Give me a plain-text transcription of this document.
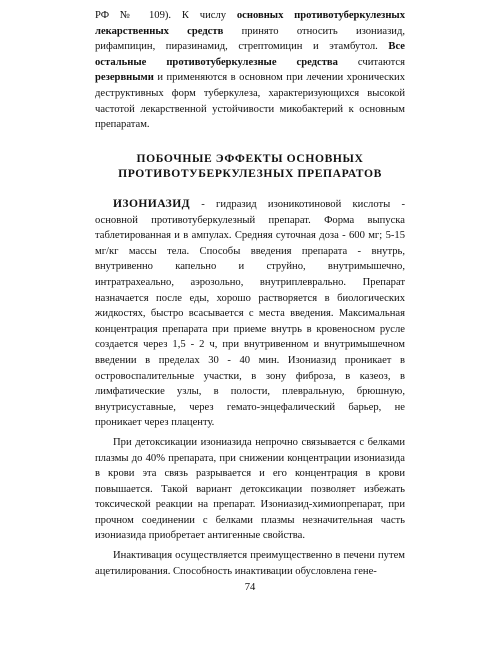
РФ № 109). К числу основных противотуберкулезных лекарственных средств принято относить изониазид, рифампицин, пиразинамид, стрептомицин и этамбутол. Все остальные противотуберкулезные средства считаются резервными и применяются в основном при лечении хронических деструктивных форм туберкулеза, характеризующихся высокой частотой лекарственной устойчивости микобактерий к основным препаратам.
ПОБОЧНЫЕ ЭФФЕКТЫ ОСНОВНЫХ
ПРОТИВОТУБЕРКУЛЕЗНЫХ ПРЕПАРАТОВ

ИЗОНИАЗИД - гидразид изоникотиновой кислоты - основной противотуберкулезный препарат. Форма выпуска таблетированная и в ампулах. Средняя суточная доза - 600 мг; 5-15 мг/кг массы тела. Способы введения препарата - внутрь, внутривенно капельно и струйно, внутримышечно, интратрахеально, аэрозольно, внутриплеврально. Препарат назначается после еды, хорошо растворяется в биологических жидкостях, быстро всасывается с места введения. Максимальная концентрация препарата при приеме внутрь в кровеносном русле создается через 1,5 - 2 ч, при внутривенном и внутримышечном введении в пределах 30 - 40 мин. Изониазид проникает в островоспалительные участки, в зону фиброза, в казеоз, в лимфатические узлы, в полости, плевральную, брюшную, внутрисуставные, через гемато-энцефалический барьер, не проникает через плаценту.

При детоксикации изониазида непрочно связывается с белками плазмы до 40% препарата, при снижении концентрации изониазида в крови эта связь разрывается и его концентрация в крови повышается. Такой вариант детоксикации позволяет избежать токсической реакции на препарат. Изониазид-химиопрепарат, при прочном соединении с белками плазмы незначительная часть изониазида приобретает антигенные свойства.

Инактивация осуществляется преимущественно в печени путем ацетилирования. Способность инактивации обусловлена гене-

74
